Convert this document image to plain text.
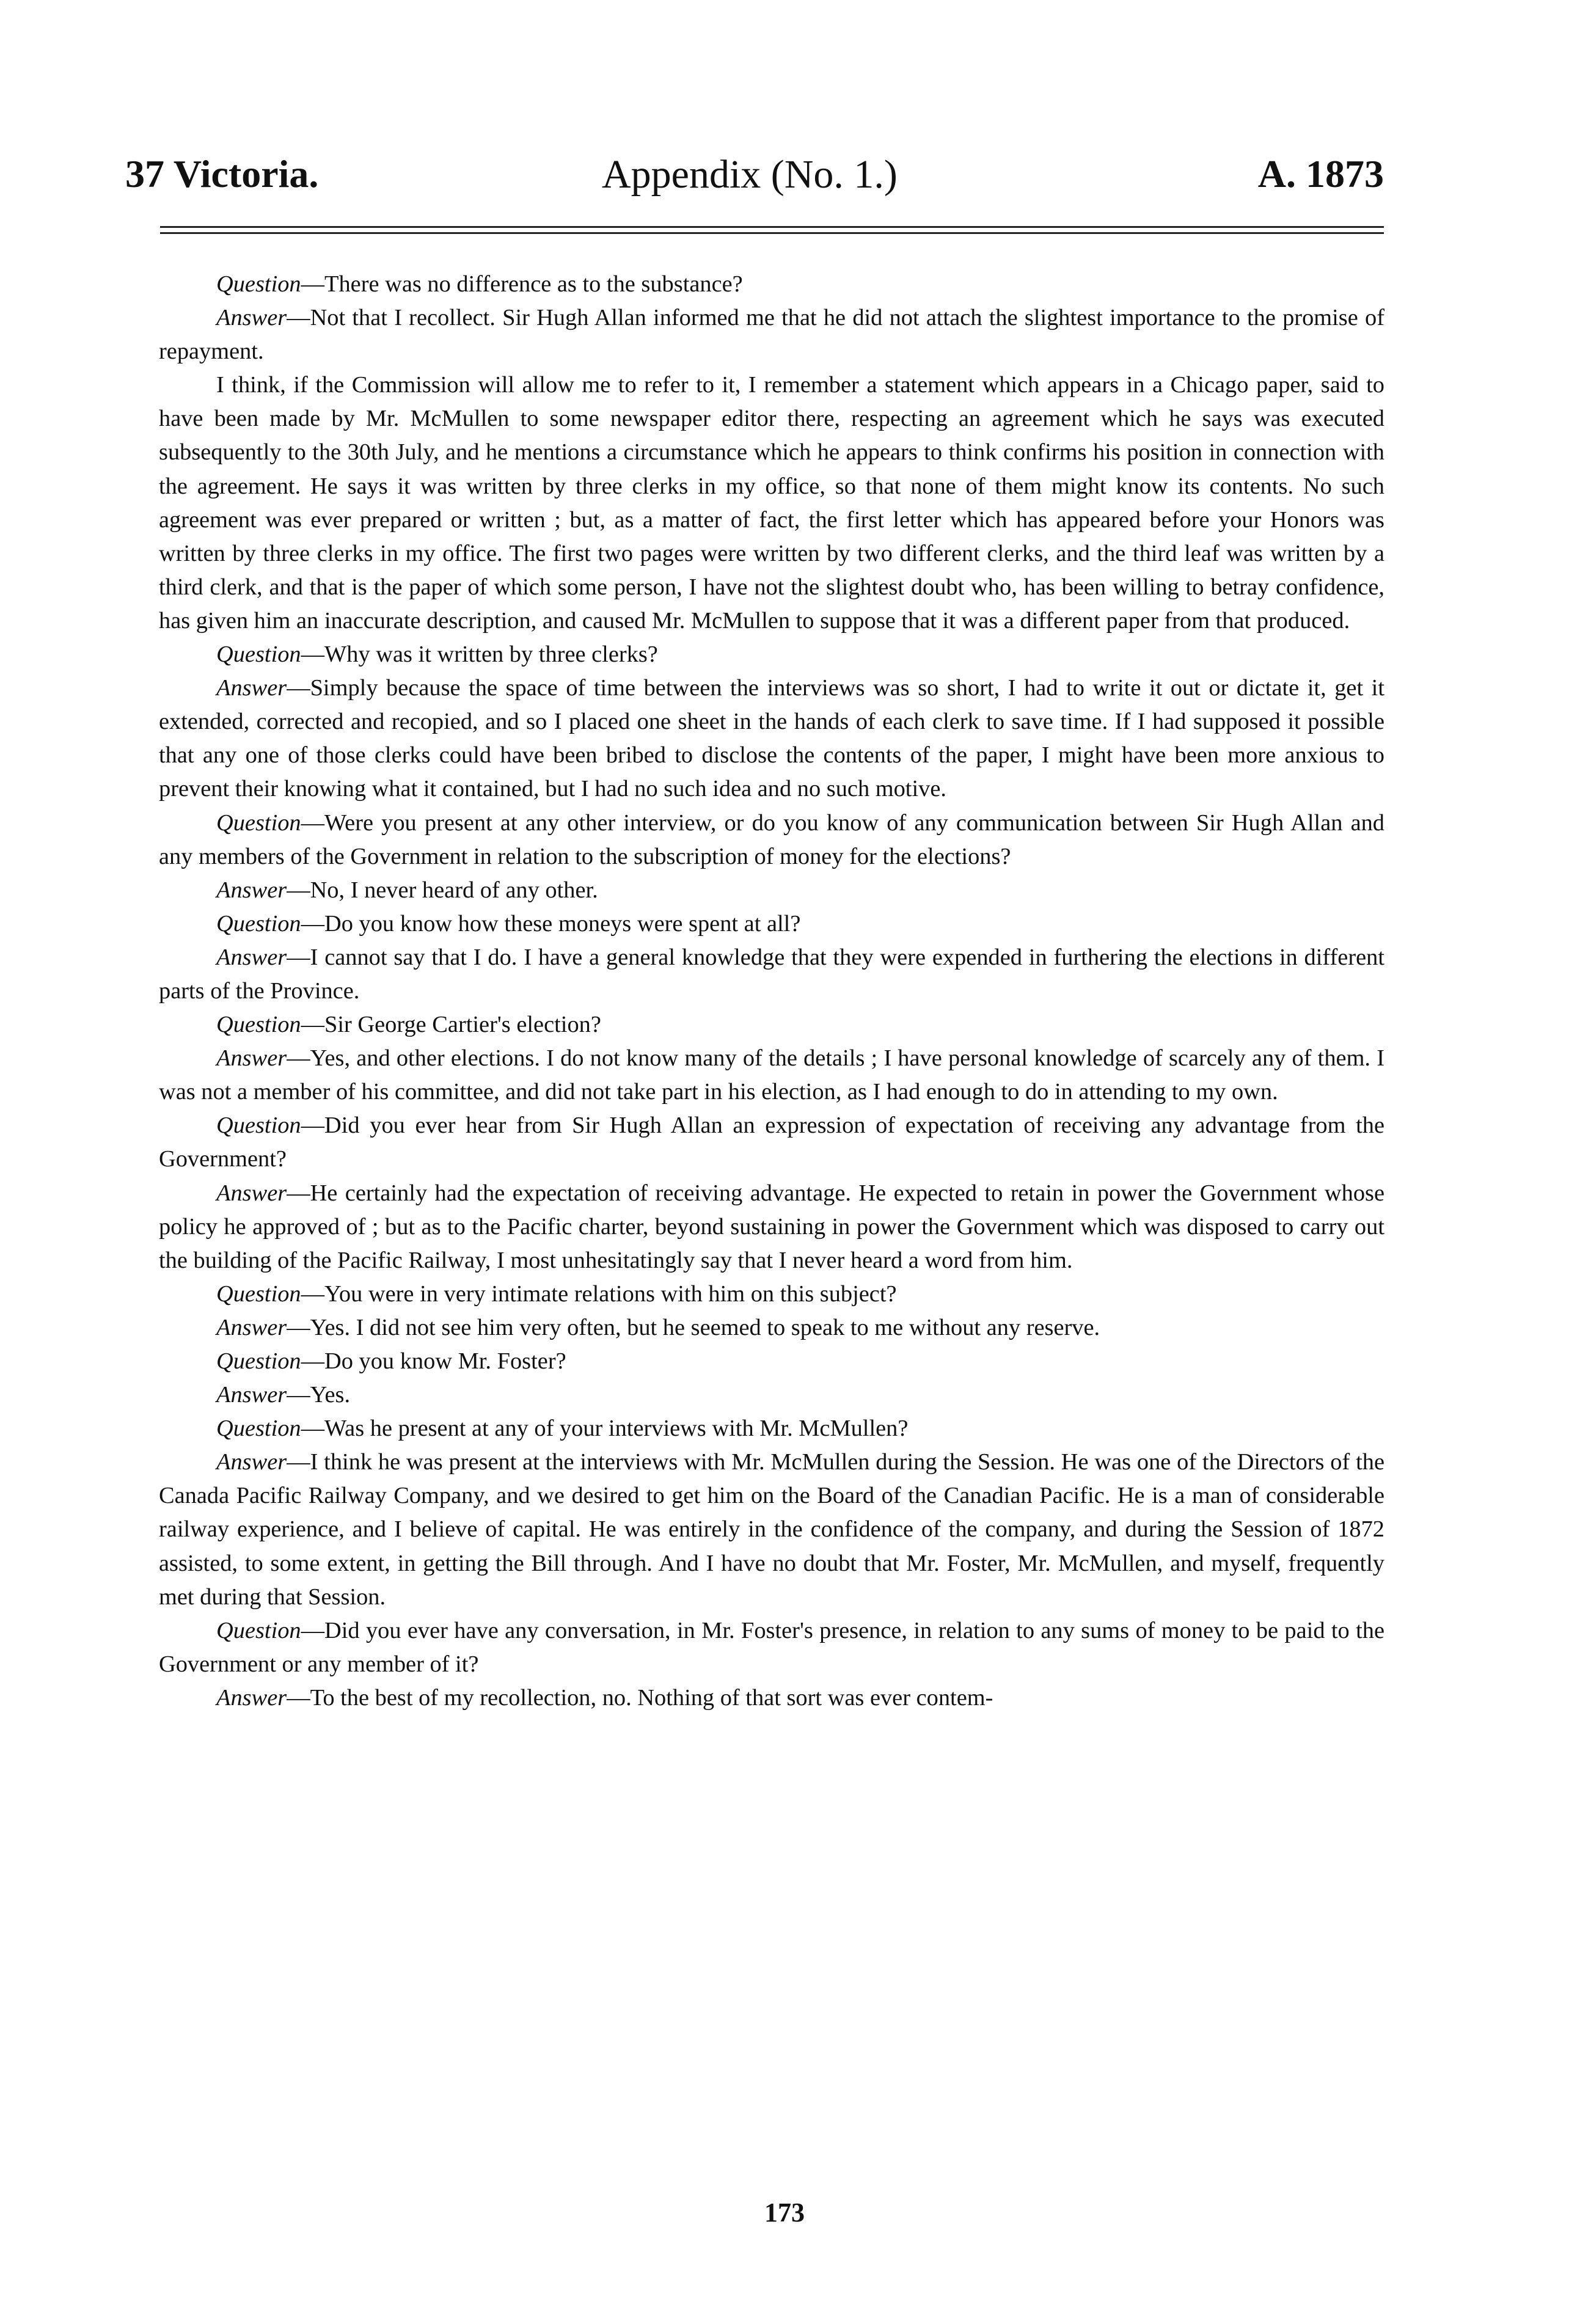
37 Victoria.	Appendix (No. 1.)	A. 1873

Question—There was no difference as to the substance?

Answer—Not that I recollect. Sir Hugh Allan informed me that he did not attach the slightest importance to the promise of repayment.

I think, if the Commission will allow me to refer to it, I remember a statement which appears in a Chicago paper, said to have been made by Mr. McMullen to some newspaper editor there, respecting an agreement which he says was executed subsequently to the 30th July, and he mentions a circumstance which he appears to think confirms his position in connection with the agreement. He says it was written by three clerks in my office, so that none of them might know its contents. No such agreement was ever prepared or written ; but, as a matter of fact, the first letter which has appeared before your Honors was written by three clerks in my office. The first two pages were written by two different clerks, and the third leaf was written by a third clerk, and that is the paper of which some person, I have not the slightest doubt who, has been willing to betray confidence, has given him an inaccurate description, and caused Mr. McMullen to suppose that it was a different paper from that produced.

Question—Why was it written by three clerks?

Answer—Simply because the space of time between the interviews was so short, I had to write it out or dictate it, get it extended, corrected and recopied, and so I placed one sheet in the hands of each clerk to save time. If I had supposed it possible that any one of those clerks could have been bribed to disclose the contents of the paper, I might have been more anxious to prevent their knowing what it contained, but I had no such idea and no such motive.

Question—Were you present at any other interview, or do you know of any communication between Sir Hugh Allan and any members of the Government in relation to the subscription of money for the elections?

Answer—No, I never heard of any other.

Question—Do you know how these moneys were spent at all?

Answer—I cannot say that I do. I have a general knowledge that they were expended in furthering the elections in different parts of the Province.

Question—Sir George Cartier's election?

Answer—Yes, and other elections. I do not know many of the details ; I have personal knowledge of scarcely any of them. I was not a member of his committee, and did not take part in his election, as I had enough to do in attending to my own.

Question—Did you ever hear from Sir Hugh Allan an expression of expectation of receiving any advantage from the Government?

Answer—He certainly had the expectation of receiving advantage. He expected to retain in power the Government whose policy he approved of ; but as to the Pacific charter, beyond sustaining in power the Government which was disposed to carry out the building of the Pacific Railway, I most unhesitatingly say that I never heard a word from him.

Question—You were in very intimate relations with him on this subject?

Answer—Yes. I did not see him very often, but he seemed to speak to me without any reserve.

Question—Do you know Mr. Foster?

Answer—Yes.

Question—Was he present at any of your interviews with Mr. McMullen?

Answer—I think he was present at the interviews with Mr. McMullen during the Session. He was one of the Directors of the Canada Pacific Railway Company, and we desired to get him on the Board of the Canadian Pacific. He is a man of considerable railway experience, and I believe of capital. He was entirely in the confidence of the company, and during the Session of 1872 assisted, to some extent, in getting the Bill through. And I have no doubt that Mr. Foster, Mr. McMullen, and myself, frequently met during that Session.

Question—Did you ever have any conversation, in Mr. Foster's presence, in relation to any sums of money to be paid to the Government or any member of it?

Answer—To the best of my recollection, no. Nothing of that sort was ever contem-

173
